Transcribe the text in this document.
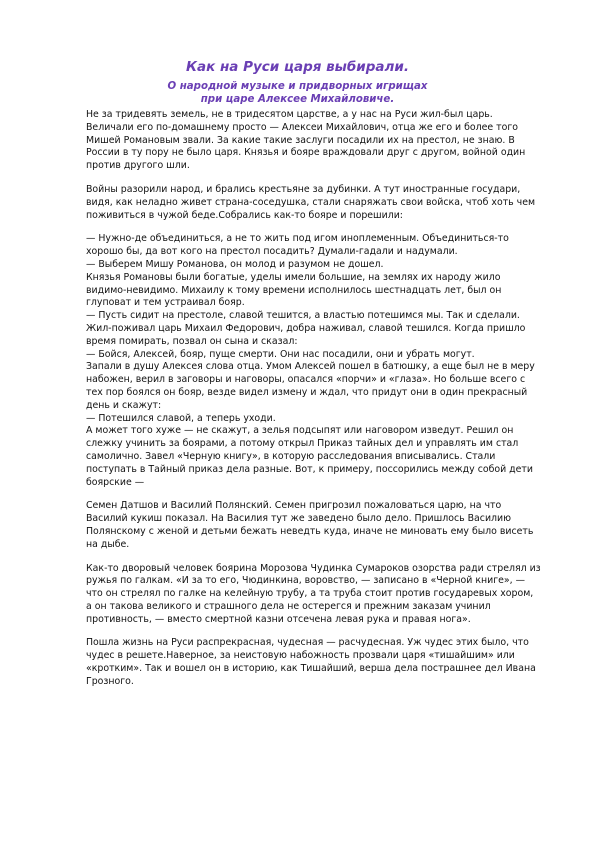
Как на Руси царя выбирали.
О народной музыке и придворных игрищах
при царе Алексее Михайловиче.

Не за тридевять земель, не в тридесятом царстве, а у нас на Руси жил-был царь. Величали его по-домашнему просто — Алексеи Михайлович, отца же его и более того Мишей Романовым звали. За какие такие заслуги посадили их на престол, не знаю. В России в ту пору не было царя. Князья и бояре враждовали друг с другом, войной один против другого шли.

Войны разорили народ, и брались крестьяне за дубинки. А тут иностранные государи, видя, как неладно живет страна-соседушка, стали снаряжать свои войска, чтоб хоть чем поживиться в чужой беде.Собрались как-то бояре и порешили:

— Нужно-де объединиться, а не то жить под игом иноплеменным. Объединиться-то хорошо бы, да вот кого на престол посадить? Думали-гадали и надумали.

— Выберем Мишу Романова, он молод и разумом не дошел.

Князья Романовы были богатые, уделы имели большие, на землях их народу жило видимо-невидимо. Михаилу к тому времени исполнилось шестнадцать лет, был он глуповат и тем устраивал бояр.

— Пусть сидит на престоле, славой тешится, а властью потешимся мы. Так и сделали.

Жил-поживал царь Михаил Федорович, добра наживал, славой тешился. Когда пришло время помирать, позвал он сына и сказал:

— Бойся, Алексей, бояр, пуще смерти. Они нас посадили, они и убрать могут.

Запали в душу Алексея слова отца. Умом Алексей пошел в батюшку, а еще был не в меру набожен, верил в заговоры и наговоры, опасался «порчи» и «глаза». Но больше всего с тех пор боялся он бояр, везде видел измену и ждал, что придут они в один прекрасный день и скажут:

— Потешился славой, а теперь уходи.

А может того хуже — не скажут, а зелья подсыпят или наговором изведут. Решил он слежку учинить за боярами, а потому открыл Приказ тайных дел и управлять им стал самолично. Завел «Черную книгу», в которую расследования вписывались. Стали поступать в Тайный приказ дела разные. Вот, к примеру, поссорились между собой дети боярские —

Семен Датшов и Василий Полянский. Семен пригрозил пожаловаться царю, на что Василий кукиш показал. На Василия тут же заведено было дело. Пришлось Василию Полянскому с женой и детьми бежать неведть куда, иначе не миновать ему было висеть на дыбе.

Как-то дворовый человек боярина Морозова Чудинка Сумароков озорства ради стрелял из ружья по галкам. «И за то его, Чюдинкина, воровство, — записано в «Черной книге», — что он стрелял по галке на келейную трубу, а та труба стоит против государевых хором, а он такова великого и страшного дела не остерегся и прежним заказам учинил противность, — вместо смертной казни отсечена левая рука и правая нога».

Пошла жизнь на Руси распрекрасная, чудесная — расчудесная. Уж чудес этих было, что чудес в решете.Наверное, за неистовую набожность прозвали царя «тишайшим» или «кротким». Так и вошел он в историю, как Тишайший, верша дела пострашнее дел Ивана Грозного.
